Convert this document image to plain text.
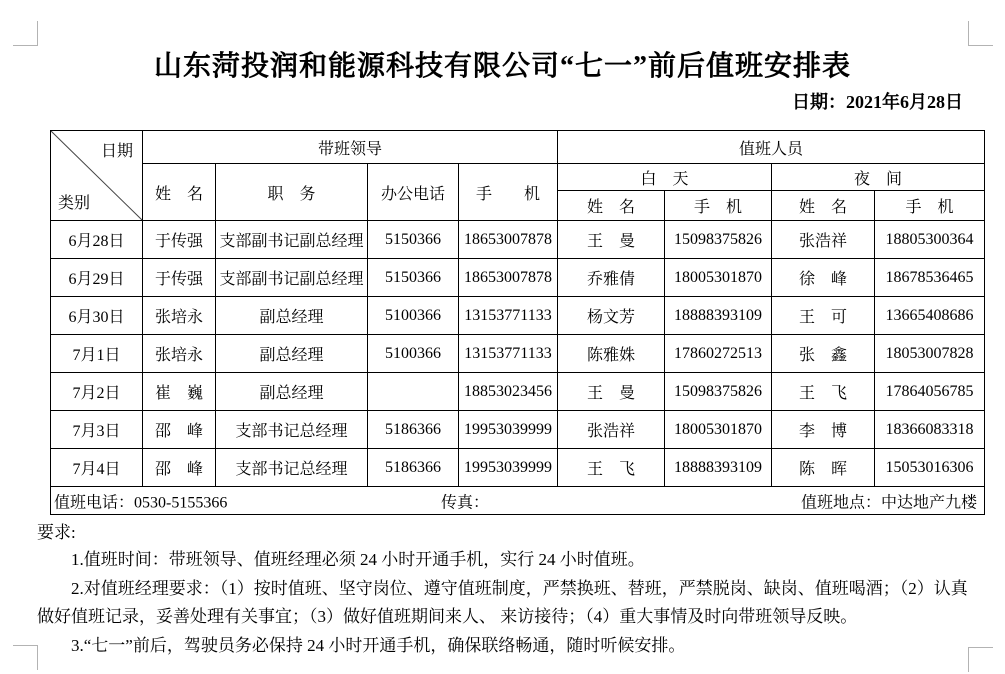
山东菏投润和能源科技有限公司“七一”前后值班安排表
日期：2021年6月28日
日期
类别	带班领导				值班人员			
	姓　名	职　务	办公电话	手　　机	白　天		夜　间	
					姓　名	手　机	姓　名	手　机
6月28日	于传强	支部副书记副总经理	5150366	18653007878	王　曼	15098375826	张浩祥	18805300364
6月29日	于传强	支部副书记副总经理	5150366	18653007878	乔雅倩	18005301870	徐　峰	18678536465
6月30日	张培永	副总经理	5100366	13153771133	杨文芳	18888393109	王　可	13665408686
7月1日	张培永	副总经理	5100366	13153771133	陈雅姝	17860272513	张　鑫	18053007828
7月2日	崔　巍	副总经理		18853023456	王　曼	15098375826	王　飞	17864056785
7月3日	邵　峰	支部书记总经理	5186366	19953039999	张浩祥	18005301870	李　博	18366083318
7月4日	邵　峰	支部书记总经理	5186366	19953039999	王　飞	18888393109	陈　晖	15053016306

值班电话：0530-5155366 传真： 值班地点：中达地产九楼								
要求:

1.值班时间：带班领导、值班经理必须 24 小时开通手机，实行 24 小时值班。

2.对值班经理要求：（1）按时值班、坚守岗位、遵守值班制度，严禁换班、替班，严禁脱岗、缺岗、值班喝酒；（2）认真做好值班记录，妥善处理有关事宜；（3）做好值班期间来人、 来访接待；（4）重大事情及时向带班领导反映。

3.“七一”前后，驾驶员务必保持 24 小时开通手机，确保联络畅通，随时听候安排。
